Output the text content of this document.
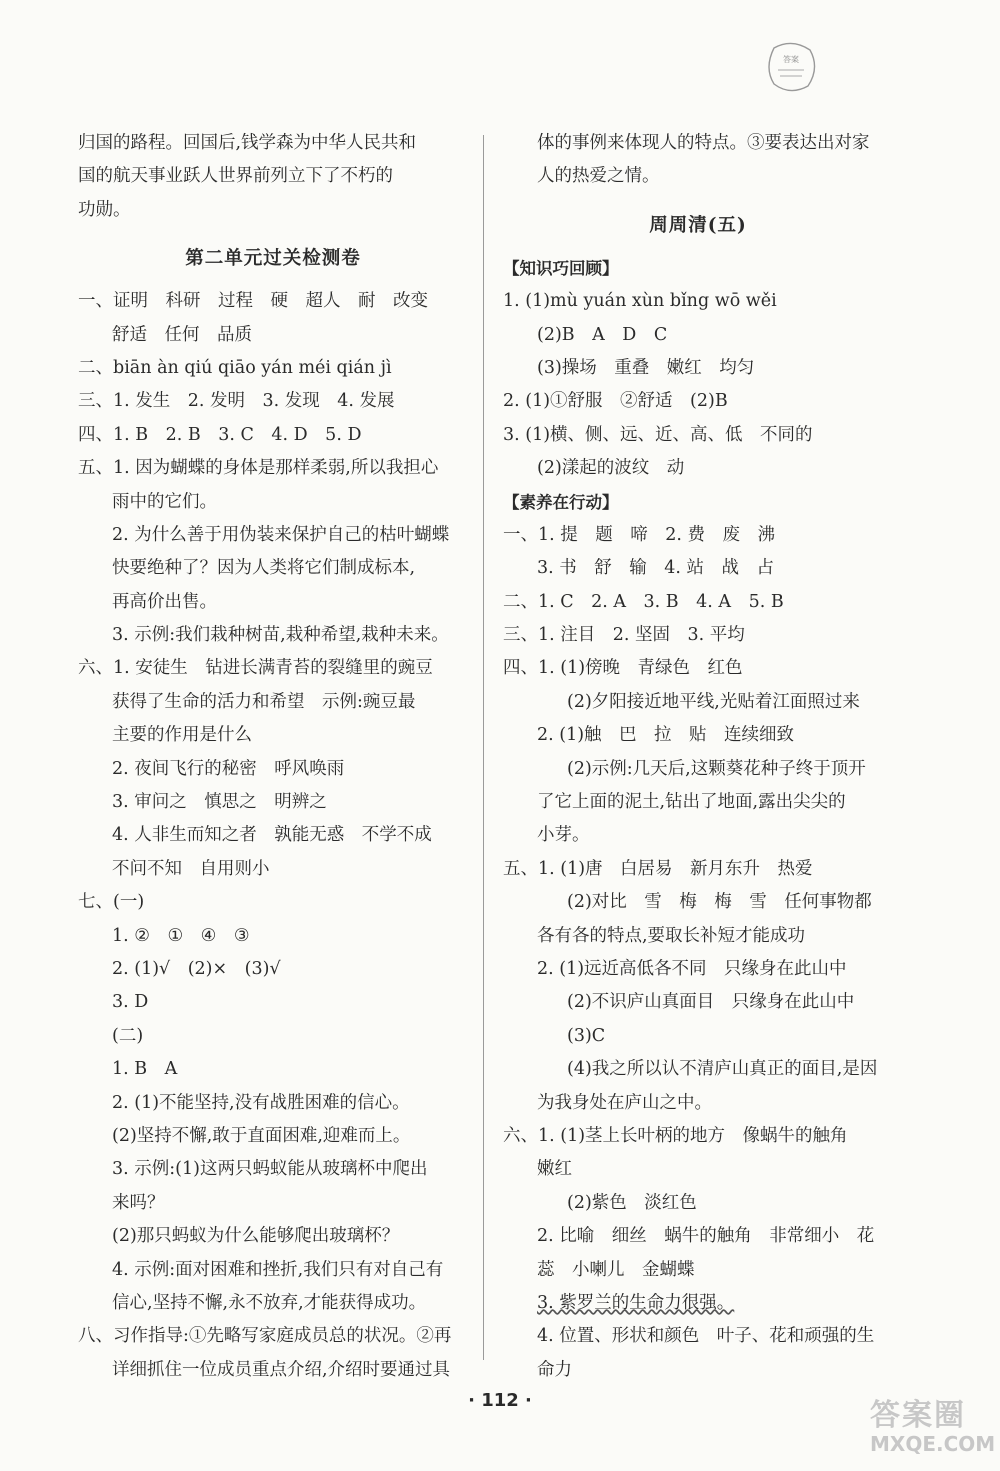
答案
归国的路程。回国后,钱学森为中华人民共和
国的航天事业跃人世界前列立下了不朽的
功勋。
第二单元过关检测卷
一、证明　科研　过程　硬　超人　耐　改变
舒适　任何　品质
二、biān àn qiú qiāo yán méi qián jì
三、1. 发生　2. 发明　3. 发现　4. 发展
四、1. B　2. B　3. C　4. D　5. D
五、1. 因为蝴蝶的身体是那样柔弱,所以我担心
雨中的它们。
2. 为什么善于用伪装来保护自己的枯叶蝴蝶
快要绝种了？因为人类将它们制成标本,
再高价出售。
3. 示例:我们栽种树苗,栽种希望,栽种未来。
六、1. 安徒生　钻进长满青苔的裂缝里的豌豆
获得了生命的活力和希望　示例:豌豆最
主要的作用是什么
2. 夜间飞行的秘密　呼风唤雨
3. 审问之　慎思之　明辨之
4. 人非生而知之者　孰能无惑　不学不成
不问不知　自用则小
七、(一)
1. ②　①　④　③
2. (1)√　(2)×　(3)√
3. D
(二)
1. B　A
2. (1)不能坚持,没有战胜困难的信心。
(2)坚持不懈,敢于直面困难,迎难而上。
3. 示例:(1)这两只蚂蚁能从玻璃杯中爬出
来吗？
(2)那只蚂蚁为什么能够爬出玻璃杯？
4. 示例:面对困难和挫折,我们只有对自己有
信心,坚持不懈,永不放弃,才能获得成功。
八、习作指导:①先略写家庭成员总的状况。②再
详细抓住一位成员重点介绍,介绍时要通过具
体的事例来体现人的特点。③要表达出对家
人的热爱之情。
周周清(五)
【知识巧回顾】
1. (1)mù yuán xùn bǐng wō wěi
(2)B　A　D　C
(3)操场　重叠　嫩红　均匀
2. (1)①舒服　②舒适　(2)B
3. (1)横、侧、远、近、高、低　不同的
(2)漾起的波纹　动
【素养在行动】
一、1. 提　题　啼　2. 费　废　沸
3. 书　舒　输　4. 站　战　占
二、1. C　2. A　3. B　4. A　5. B
三、1. 注目　2. 坚固　3. 平均
四、1. (1)傍晚　青绿色　红色
(2)夕阳接近地平线,光贴着江面照过来
2. (1)触　巴　拉　贴　连续细致
(2)示例:几天后,这颗葵花种子终于顶开
了它上面的泥土,钻出了地面,露出尖尖的
小芽。
五、1. (1)唐　白居易　新月东升　热爱
(2)对比　雪　梅　梅　雪　任何事物都
各有各的特点,要取长补短才能成功
2. (1)远近高低各不同　只缘身在此山中
(2)不识庐山真面目　只缘身在此山中
(3)C
(4)我之所以认不清庐山真正的面目,是因
为我身处在庐山之中。
六、1. (1)茎上长叶柄的地方　像蜗牛的触角
嫩红
(2)紫色　淡红色
2. 比喻　细丝　蜗牛的触角　非常细小　花
蕊　小喇儿　金蝴蝶
3. 紫罗兰的生命力很强。
4. 位置、形状和颜色　叶子、花和顽强的生
命力
· 112 ·	答案圈
MXQE.COM
